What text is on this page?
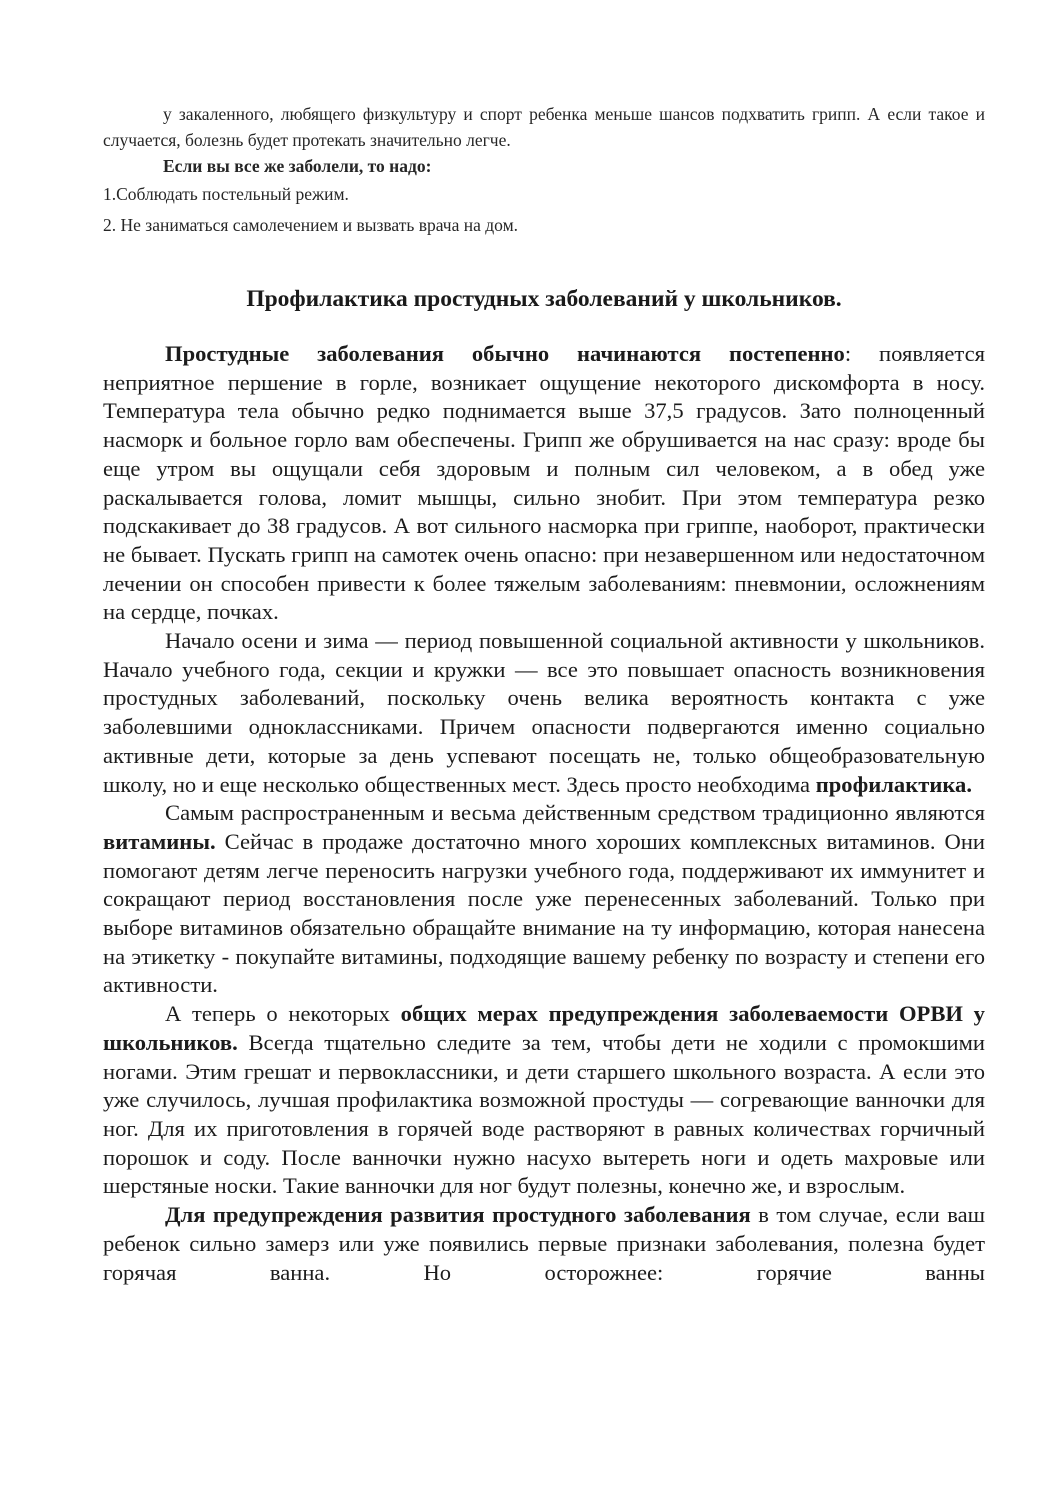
у закаленного, любящего физкультуру и спорт ребенка меньше шансов подхватить грипп. А если такое и случается, болезнь будет протекать значительно легче.

Если вы все же заболели, то надо:

1.Соблюдать постельный режим.

2. Не заниматься самолечением и вызвать врача на дом.

Профилактика простудных заболеваний у школьников.

Простудные заболевания обычно начинаются постепенно: появляется неприятное першение в горле, возникает ощущение некоторого дискомфорта в носу. Температура тела обычно редко поднимается выше 37,5 градусов. Зато полноценный насморк и больное горло вам обеспечены. Грипп же обрушивается на нас сразу: вроде бы еще утром вы ощущали себя здоровым и полным сил человеком, а в обед уже раскалывается голова, ломит мышцы, сильно знобит. При этом температура резко подскакивает до 38 градусов. А вот сильного насморка при гриппе, наоборот, практически не бывает. Пускать грипп на самотек очень опасно: при незавершенном или недостаточном лечении он способен привести к более тяжелым заболеваниям: пневмонии, осложнениям на сердце, почках.

Начало осени и зима — период повышенной социальной активности у школьников. Начало учебного года, секции и кружки — все это повышает опасность возникновения простудных заболеваний, поскольку очень велика вероятность контакта с уже заболевшими одноклассниками. Причем опасности подвергаются именно социально активные дети, которые за день успевают посещать не, только общеобразовательную школу, но и еще несколько общественных мест. Здесь просто необходима профилактика.

Самым распространенным и весьма действенным средством традиционно являются витамины. Сейчас в продаже достаточно много хороших комплексных витаминов. Они помогают детям легче переносить нагрузки учебного года, поддерживают их иммунитет и сокращают период восстановления после уже перенесенных заболеваний. Только при выборе витаминов обязательно обращайте внимание на ту информацию, которая нанесена на этикетку - покупайте витамины, подходящие вашему ребенку по возрасту и степени его активности.

А теперь о некоторых общих мерах предупреждения заболеваемости ОРВИ у школьников. Всегда тщательно следите за тем, чтобы дети не ходили с промокшими ногами. Этим грешат и первоклассники, и дети старшего школьного возраста. А если это уже случилось, лучшая профилактика возможной простуды — согревающие ванночки для ног. Для их приготовления в горячей воде растворяют в равных количествах горчичный порошок и соду. После ванночки нужно насухо вытереть ноги и одеть махровые или шерстяные носки. Такие ванночки для ног будут полезны, конечно же, и взрослым.

Для предупреждения развития простудного заболевания в том случае, если ваш ребенок сильно замерз или уже появились первые признаки заболевания, полезна будет горячая ванна. Но осторожнее: горячие ванны
